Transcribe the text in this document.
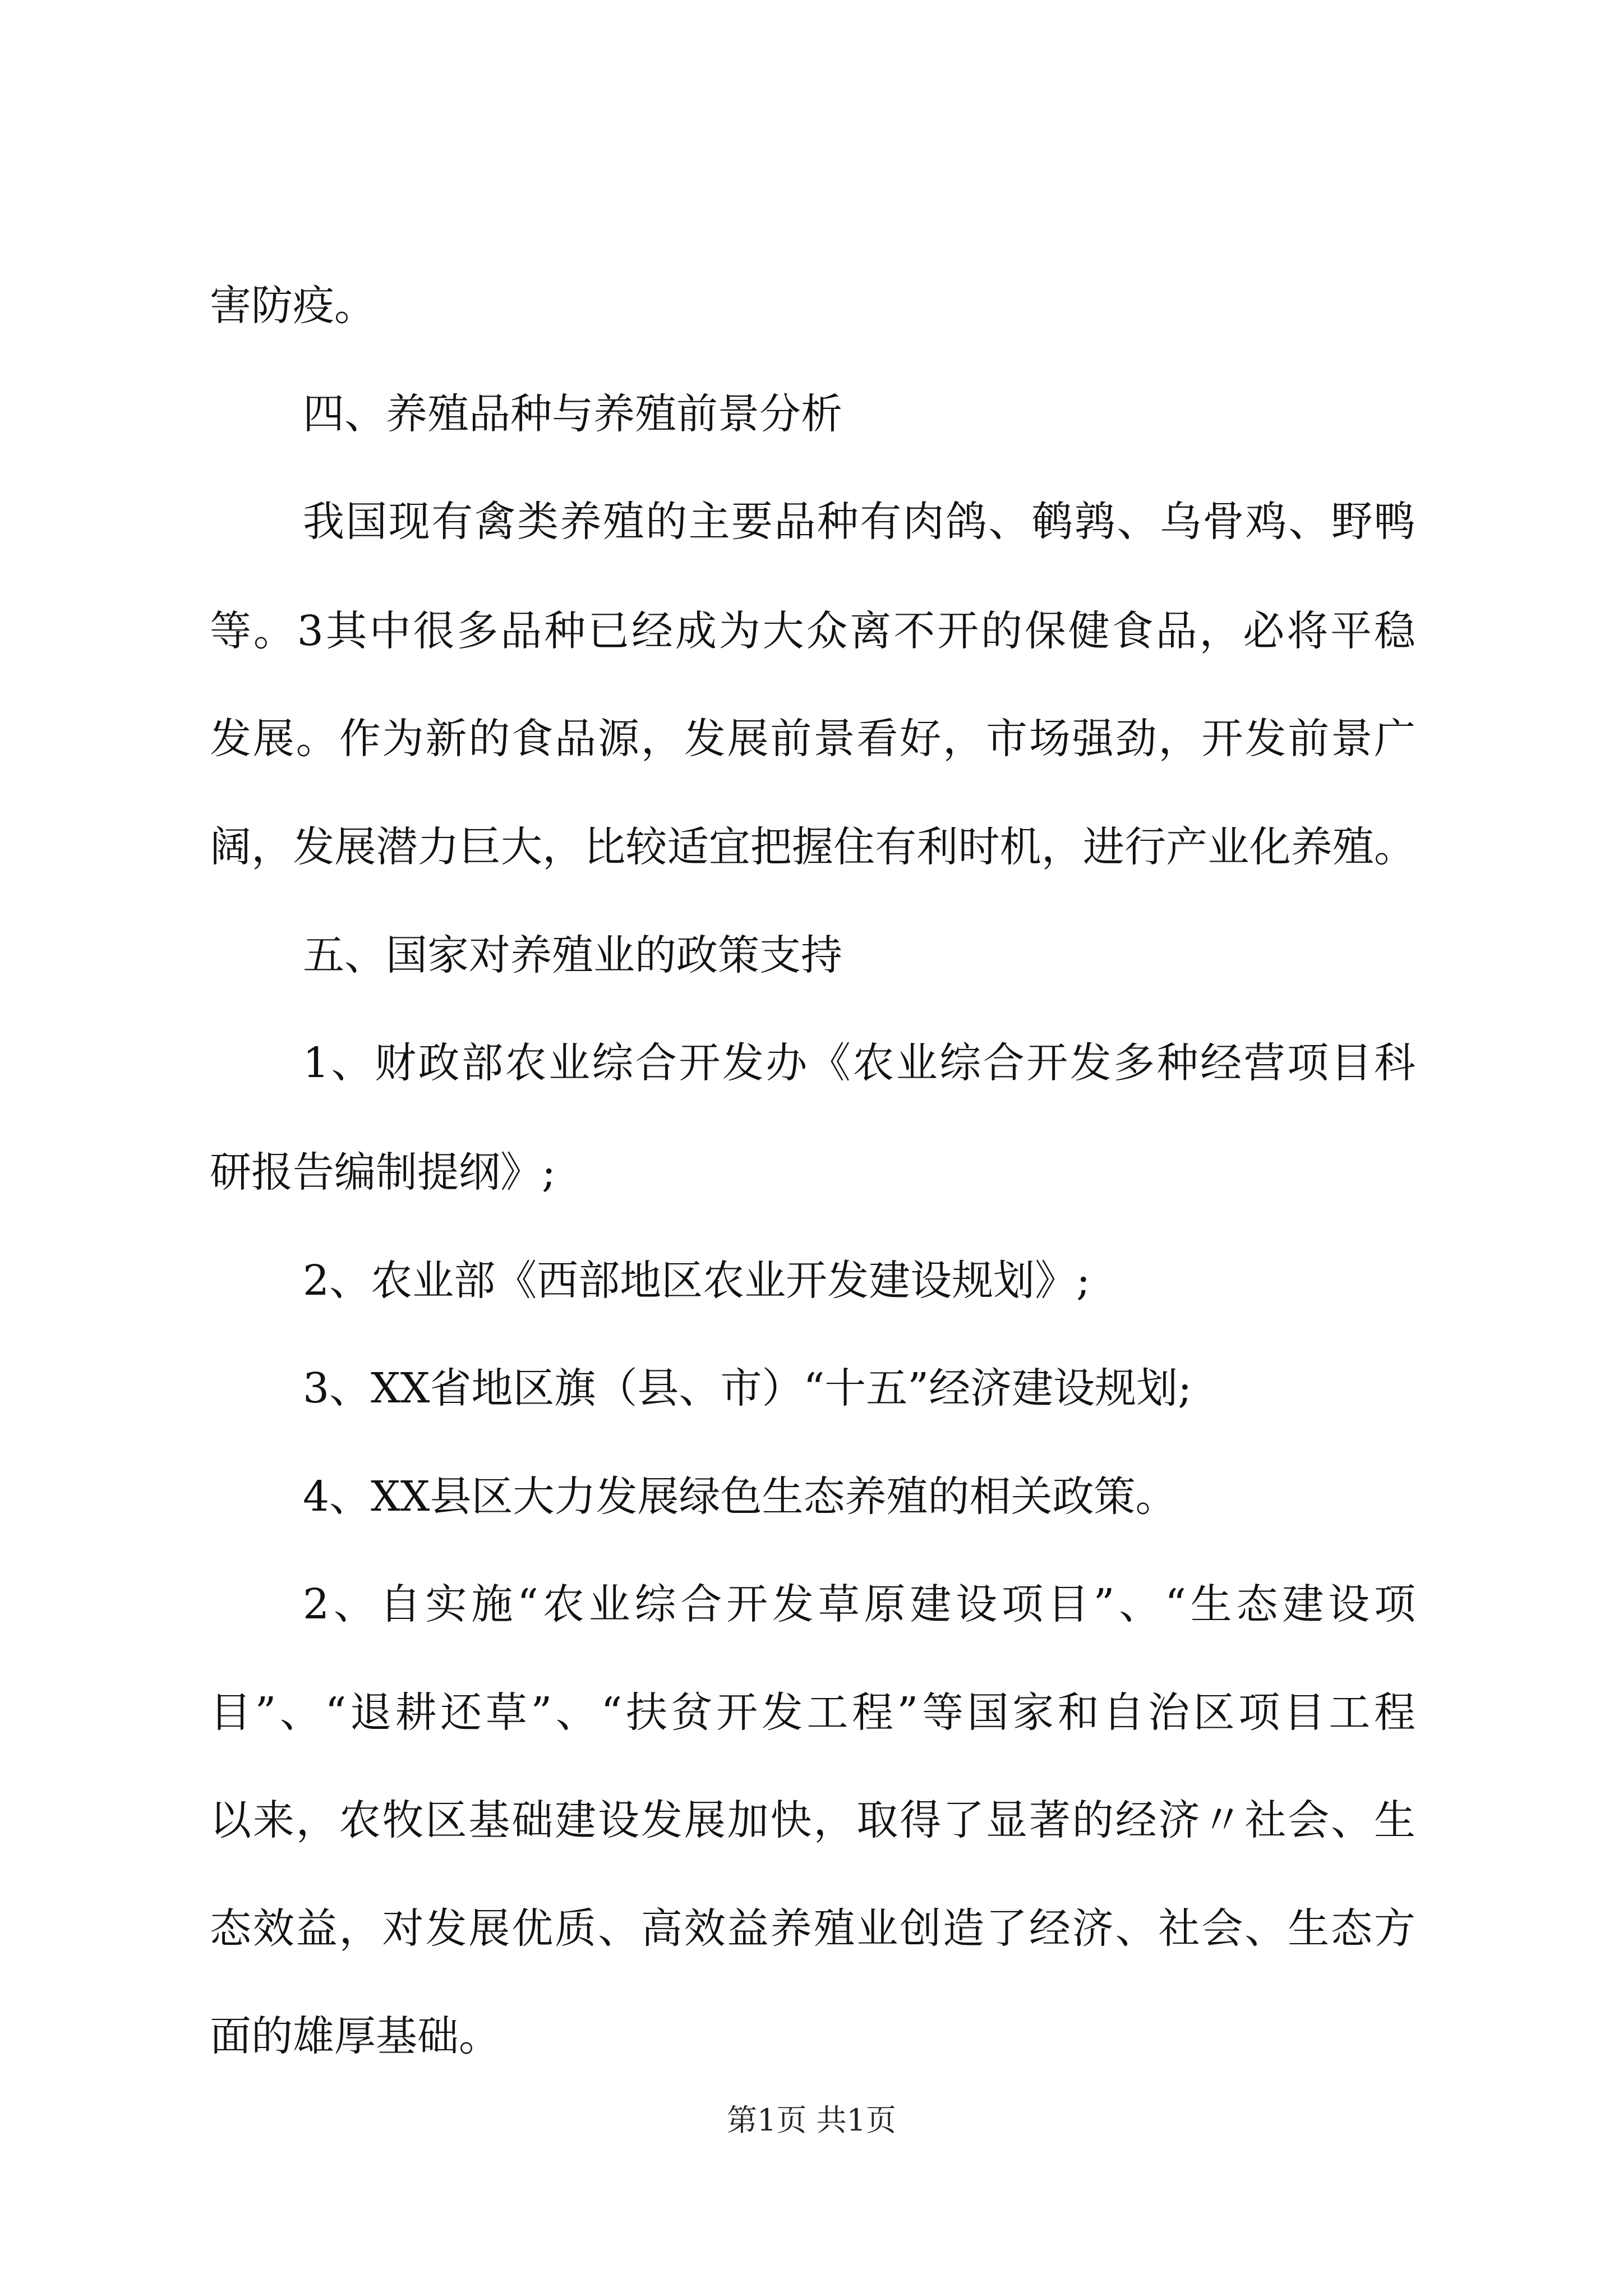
害防疫。
四、养殖品种与养殖前景分析
我国现有禽类养殖的主要品种有肉鸽、鹌鹑、乌骨鸡、野鸭
等。3其中很多品种已经成为大众离不开的保健食品，必将平稳
发展。作为新的食品源，发展前景看好，市场强劲，开发前景广
阔，发展潜力巨大，比较适宜把握住有利时机，进行产业化养殖。
五、国家对养殖业的政策支持
1、财政部农业综合开发办《农业综合开发多种经营项目科
研报告编制提纲》;
2、农业部《西部地区农业开发建设规划》;
3、XX省地区旗（县、市）“十五”经济建设规划;
4、XX县区大力发展绿色生态养殖的相关政策。
2、自实施“农业综合开发草原建设项目”、“生态建设项
目”、“退耕还草”、“扶贫开发工程”等国家和自治区项目工程
以来，农牧区基础建设发展加快，取得了显著的经济〃社会、生
态效益，对发展优质、高效益养殖业创造了经济、社会、生态方
面的雄厚基础。
第1页 共1页
